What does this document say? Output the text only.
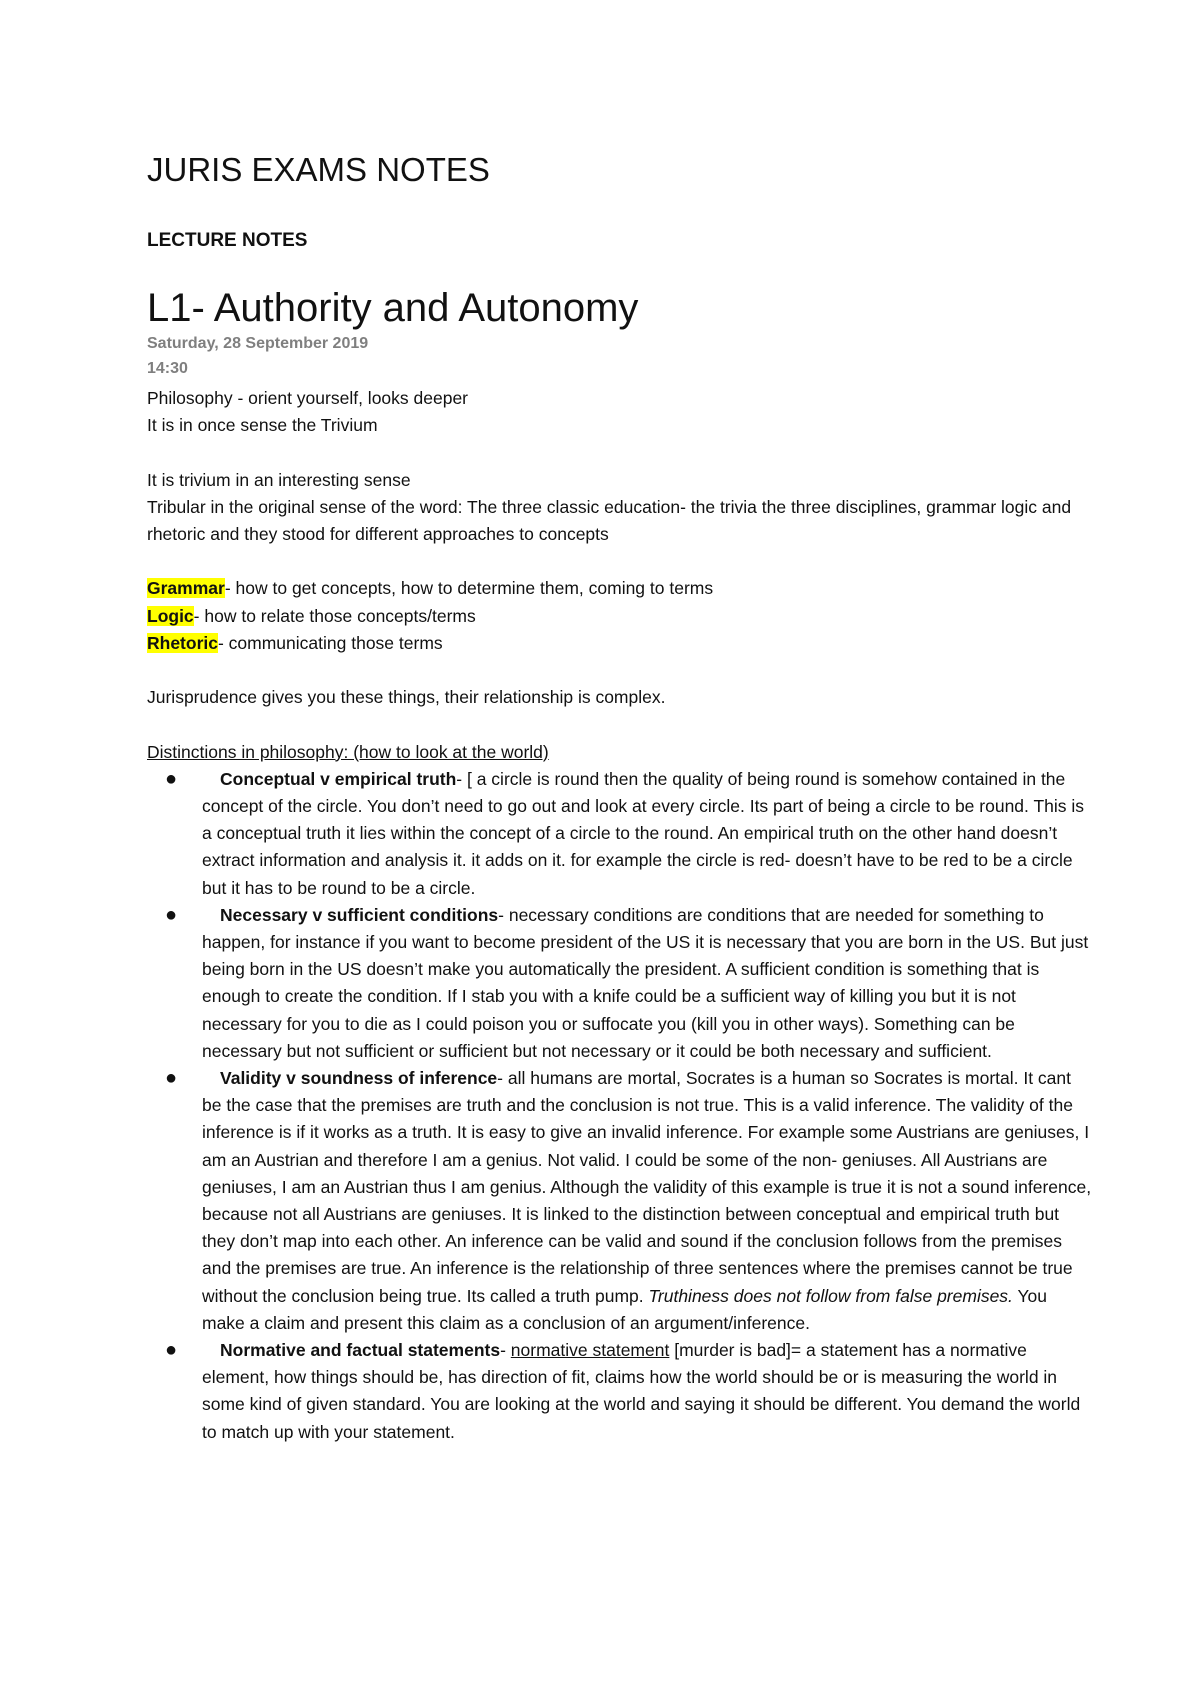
JURIS EXAMS NOTES
LECTURE NOTES
L1- Authority and Autonomy
Saturday, 28 September 2019
14:30

Philosophy - orient yourself, looks deeper

It is in once sense the Trivium

It is trivium in an interesting sense

Tribular in the original sense of the word: The three classic education- the trivia the three disciplines, grammar logic and rhetoric and they stood for different approaches to concepts

Grammar- how to get concepts, how to determine them, coming to terms

Logic- how to relate those concepts/terms

Rhetoric- communicating those terms

Jurisprudence gives you these things, their relationship is complex.

Distinctions in philosophy: (how to look at the world)

● Conceptual v empirical truth- [ a circle is round then the quality of being round is somehow contained in the concept of the circle. You don’t need to go out and look at every circle. Its part of being a circle to be round. This is a conceptual truth it lies within the concept of a circle to the round. An empirical truth on the other hand doesn’t extract information and analysis it. it adds on it. for example the circle is red- doesn’t have to be red to be a circle but it has to be round to be a circle.
● Necessary v sufficient conditions- necessary conditions are conditions that are needed for something to happen, for instance if you want to become president of the US it is necessary that you are born in the US. But just being born in the US doesn’t make you automatically the president. A sufficient condition is something that is enough to create the condition. If I stab you with a knife could be a sufficient way of killing you but it is not necessary for you to die as I could poison you or suffocate you (kill you in other ways). Something can be necessary but not sufficient or sufficient but not necessary or it could be both necessary and sufficient.
● Validity v soundness of inference- all humans are mortal, Socrates is a human so Socrates is mortal. It cant be the case that the premises are truth and the conclusion is not true. This is a valid inference. The validity of the inference is if it works as a truth. It is easy to give an invalid inference. For example some Austrians are geniuses, I am an Austrian and therefore I am a genius. Not valid. I could be some of the non- geniuses. All Austrians are geniuses, I am an Austrian thus I am genius. Although the validity of this example is true it is not a sound inference, because not all Austrians are geniuses. It is linked to the distinction between conceptual and empirical truth but they don’t map into each other. An inference can be valid and sound if the conclusion follows from the premises and the premises are true. An inference is the relationship of three sentences where the premises cannot be true without the conclusion being true. Its called a truth pump. Truthiness does not follow from false premises. You make a claim and present this claim as a conclusion of an argument/inference.
● Normative and factual statements- normative statement [murder is bad]= a statement has a normative element, how things should be, has direction of fit, claims how the world should be or is measuring the world in some kind of given standard. You are looking at the world and saying it should be different. You demand the world to match up with your statement.
